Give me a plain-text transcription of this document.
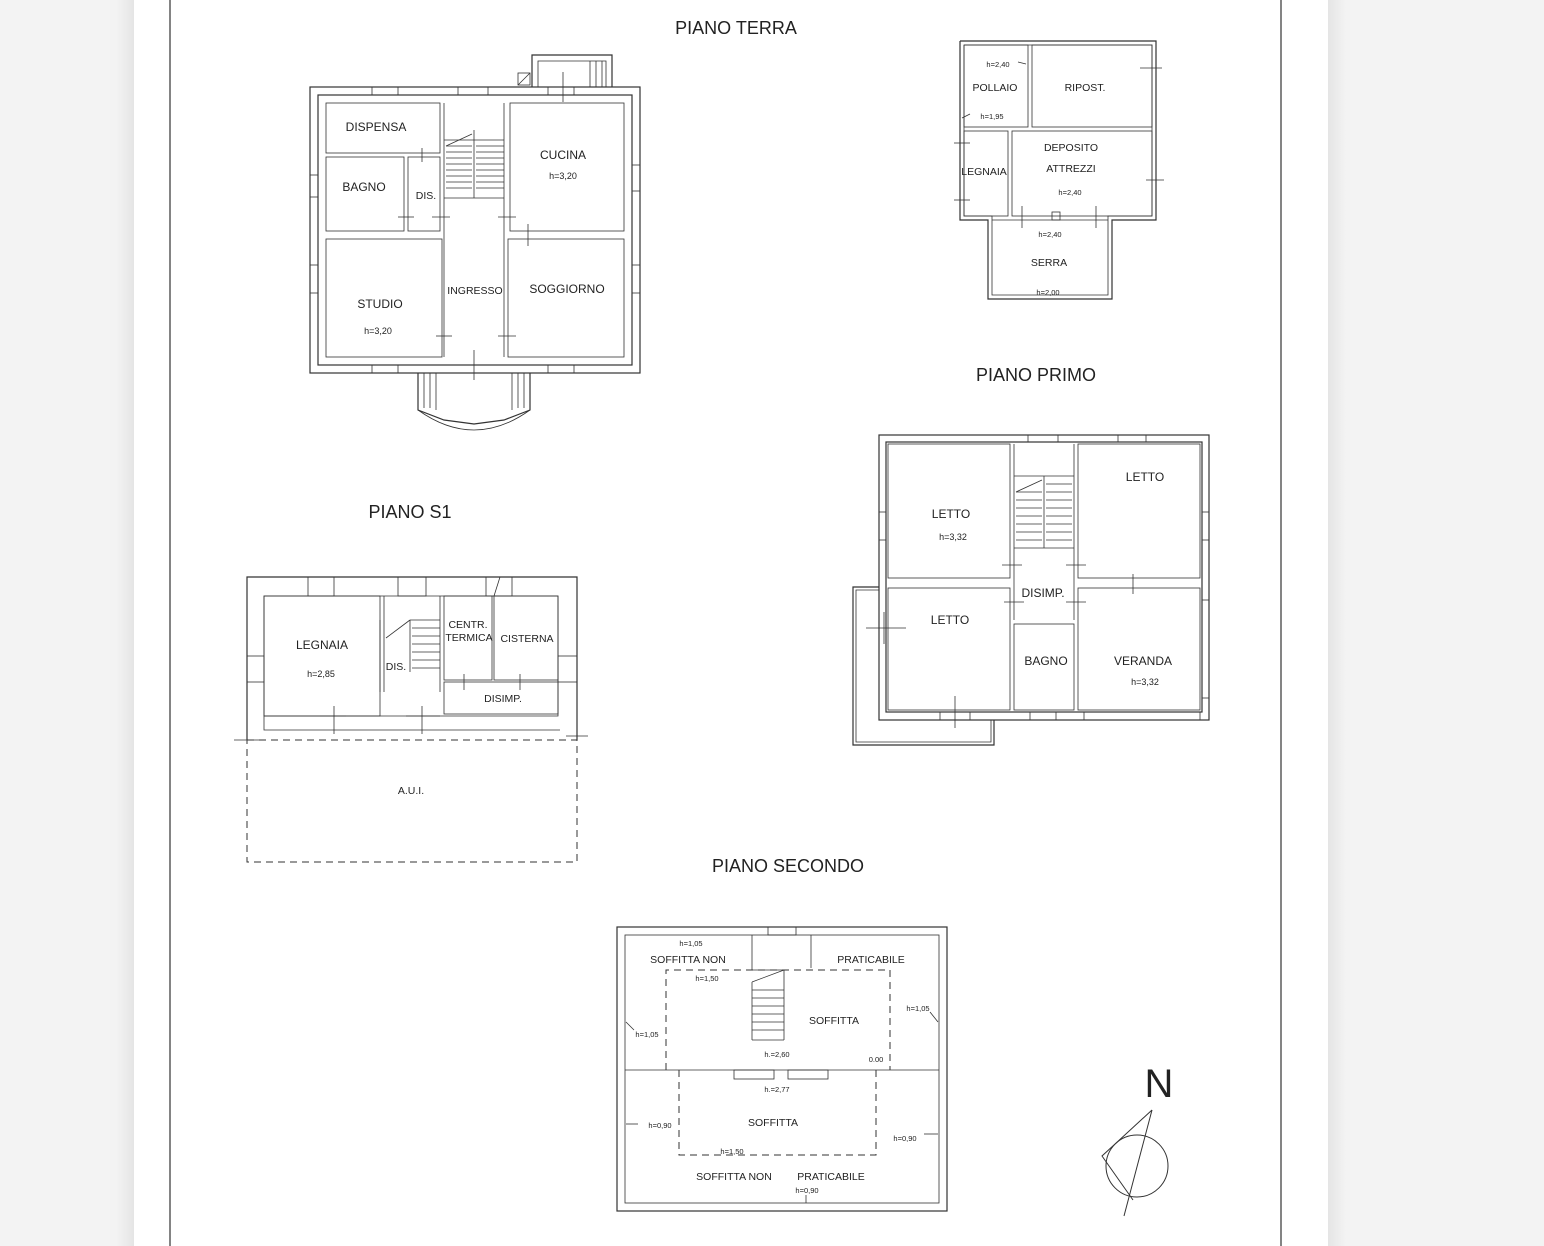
PIANO TERRA
PIANO PRIMO
PIANO S1
PIANO SECONDO
DISPENSA
BAGNO
DIS.
CUCINA
h=3,20
STUDIO
h=3,20
INGRESSO SOGGIORNO
h=2,40
POLLAIO
h=1,95
RIPOST.
LEGNAIA
DEPOSITO
ATTREZZI
h=2,40
h=2,40
SERRA
h=2,00
LETTO
h=3,32
LETTO
LETTO
DISIMP.
BAGNO	VERANDA
h=3,32
LEGNAIA
h=2,85
DIS.
CENTR.
TERMICA CISTERNA
DISIMP.
A.U.I.
h=1,05
SOFFITTA NON	PRATICABILE
h=1,50
h=1,05
h=1,05
SOFFITTA
h.=2,60
0.00
h.=2,77
h=0,90
h=0,90
SOFFITTA
h=1,50
SOFFITTA NON PRATICABILE
h=0,90
N
